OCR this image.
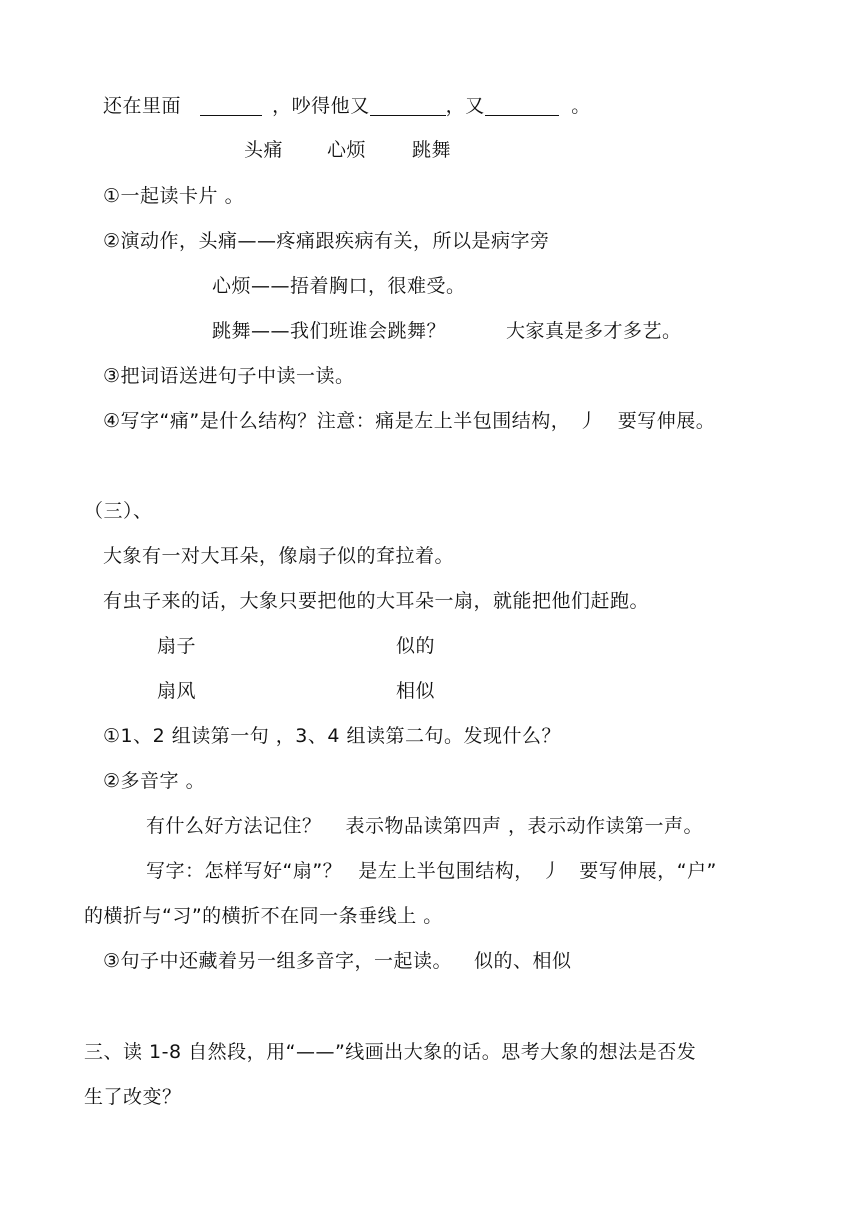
还在里面	，吵得他又	，又	。
头痛 心烦 跳舞
①一起读卡片 。
②演动作，头痛——疼痛跟疾病有关，所以是病字旁
心烦——捂着胸口，很难受。
跳舞——我们班谁会跳舞？	大家真是多才多艺。
③把词语送进句子中读一读。
④写字“痛”是什么结构？注意：痛是左上半包围结构， 丿 要写伸展。
（三）、
大象有一对大耳朵，像扇子似的耷拉着。
有虫子来的话，大象只要把他的大耳朵一扇，就能把他们赶跑。
扇子	似的
扇风	相似
①1、2 组读第一句 ，3、4 组读第二句。发现什么？
②多音字 。
有什么好方法记住？ 表示物品读第四声 ，表示动作读第一声。
写字：怎样写好“扇”？ 是左上半包围结构， 丿 要写伸展，“户”
的横折与“习”的横折不在同一条垂线上 。
③句子中还藏着另一组多音字，一起读。 似的、相似
三、读 1-8 自然段，用“——”线画出大象的话。思考大象的想法是否发
生了改变？
